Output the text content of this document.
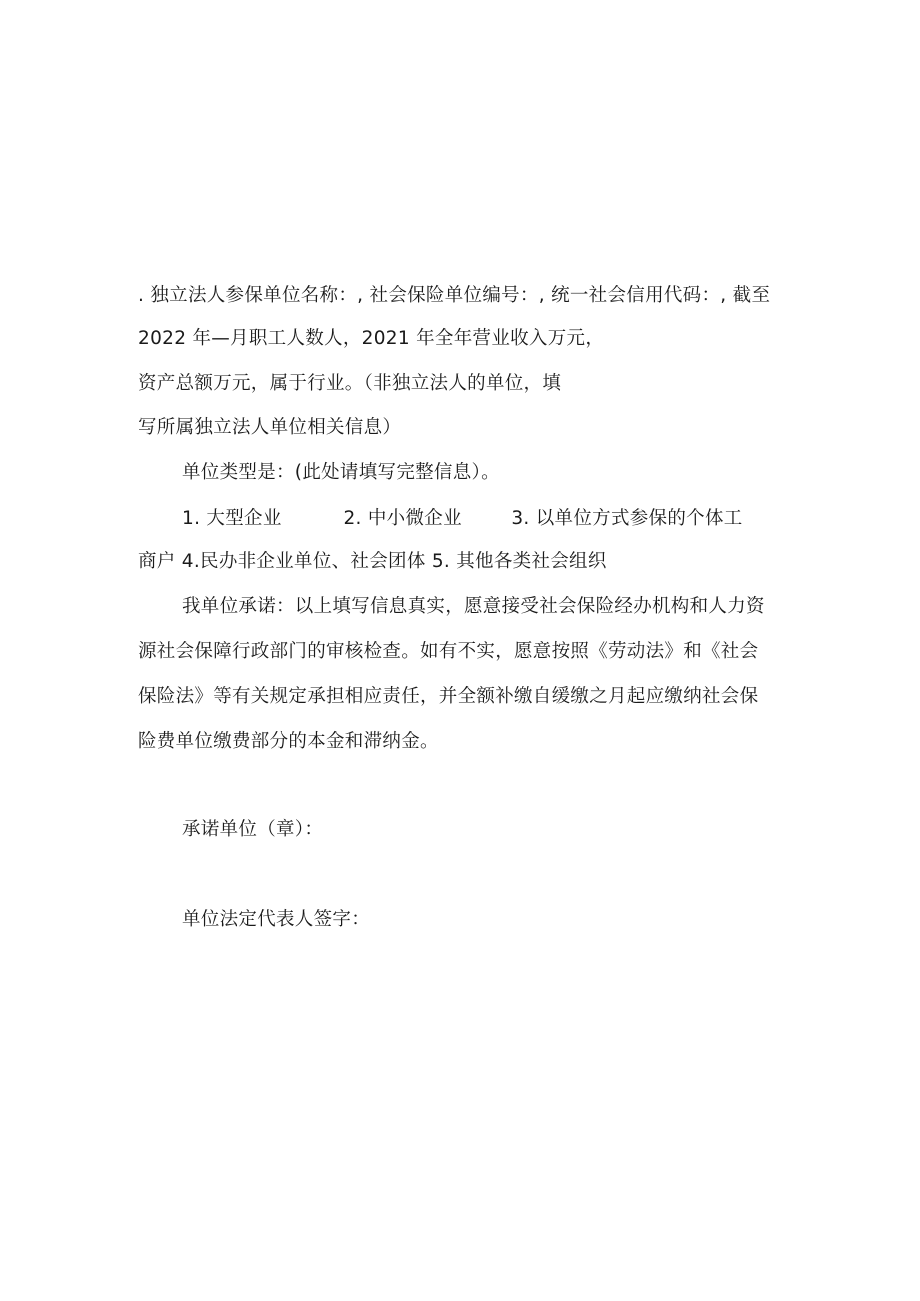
. 独立法人参保单位名称：, 社会保险单位编号：, 统一社会信用代码：, 截至
2022 年—月职工人数人，2021 年全年营业收入万元，
资产总额万元，属于行业。（非独立法人的单位，填
写所属独立法人单位相关信息）
单位类型是：(此处请填写完整信息）。
1. 大型企业          2. 中小微企业        3. 以单位方式参保的个体工
商户 4.民办非企业单位、社会团体 5. 其他各类社会组织
我单位承诺：以上填写信息真实，愿意接受社会保险经办机构和人力资
源社会保障行政部门的审核检查。如有不实，愿意按照《劳动法》和《社会
保险法》等有关规定承担相应责任，并全额补缴自缓缴之月起应缴纳社会保
险费单位缴费部分的本金和滞纳金。
承诺单位（章）：
单位法定代表人签字：
